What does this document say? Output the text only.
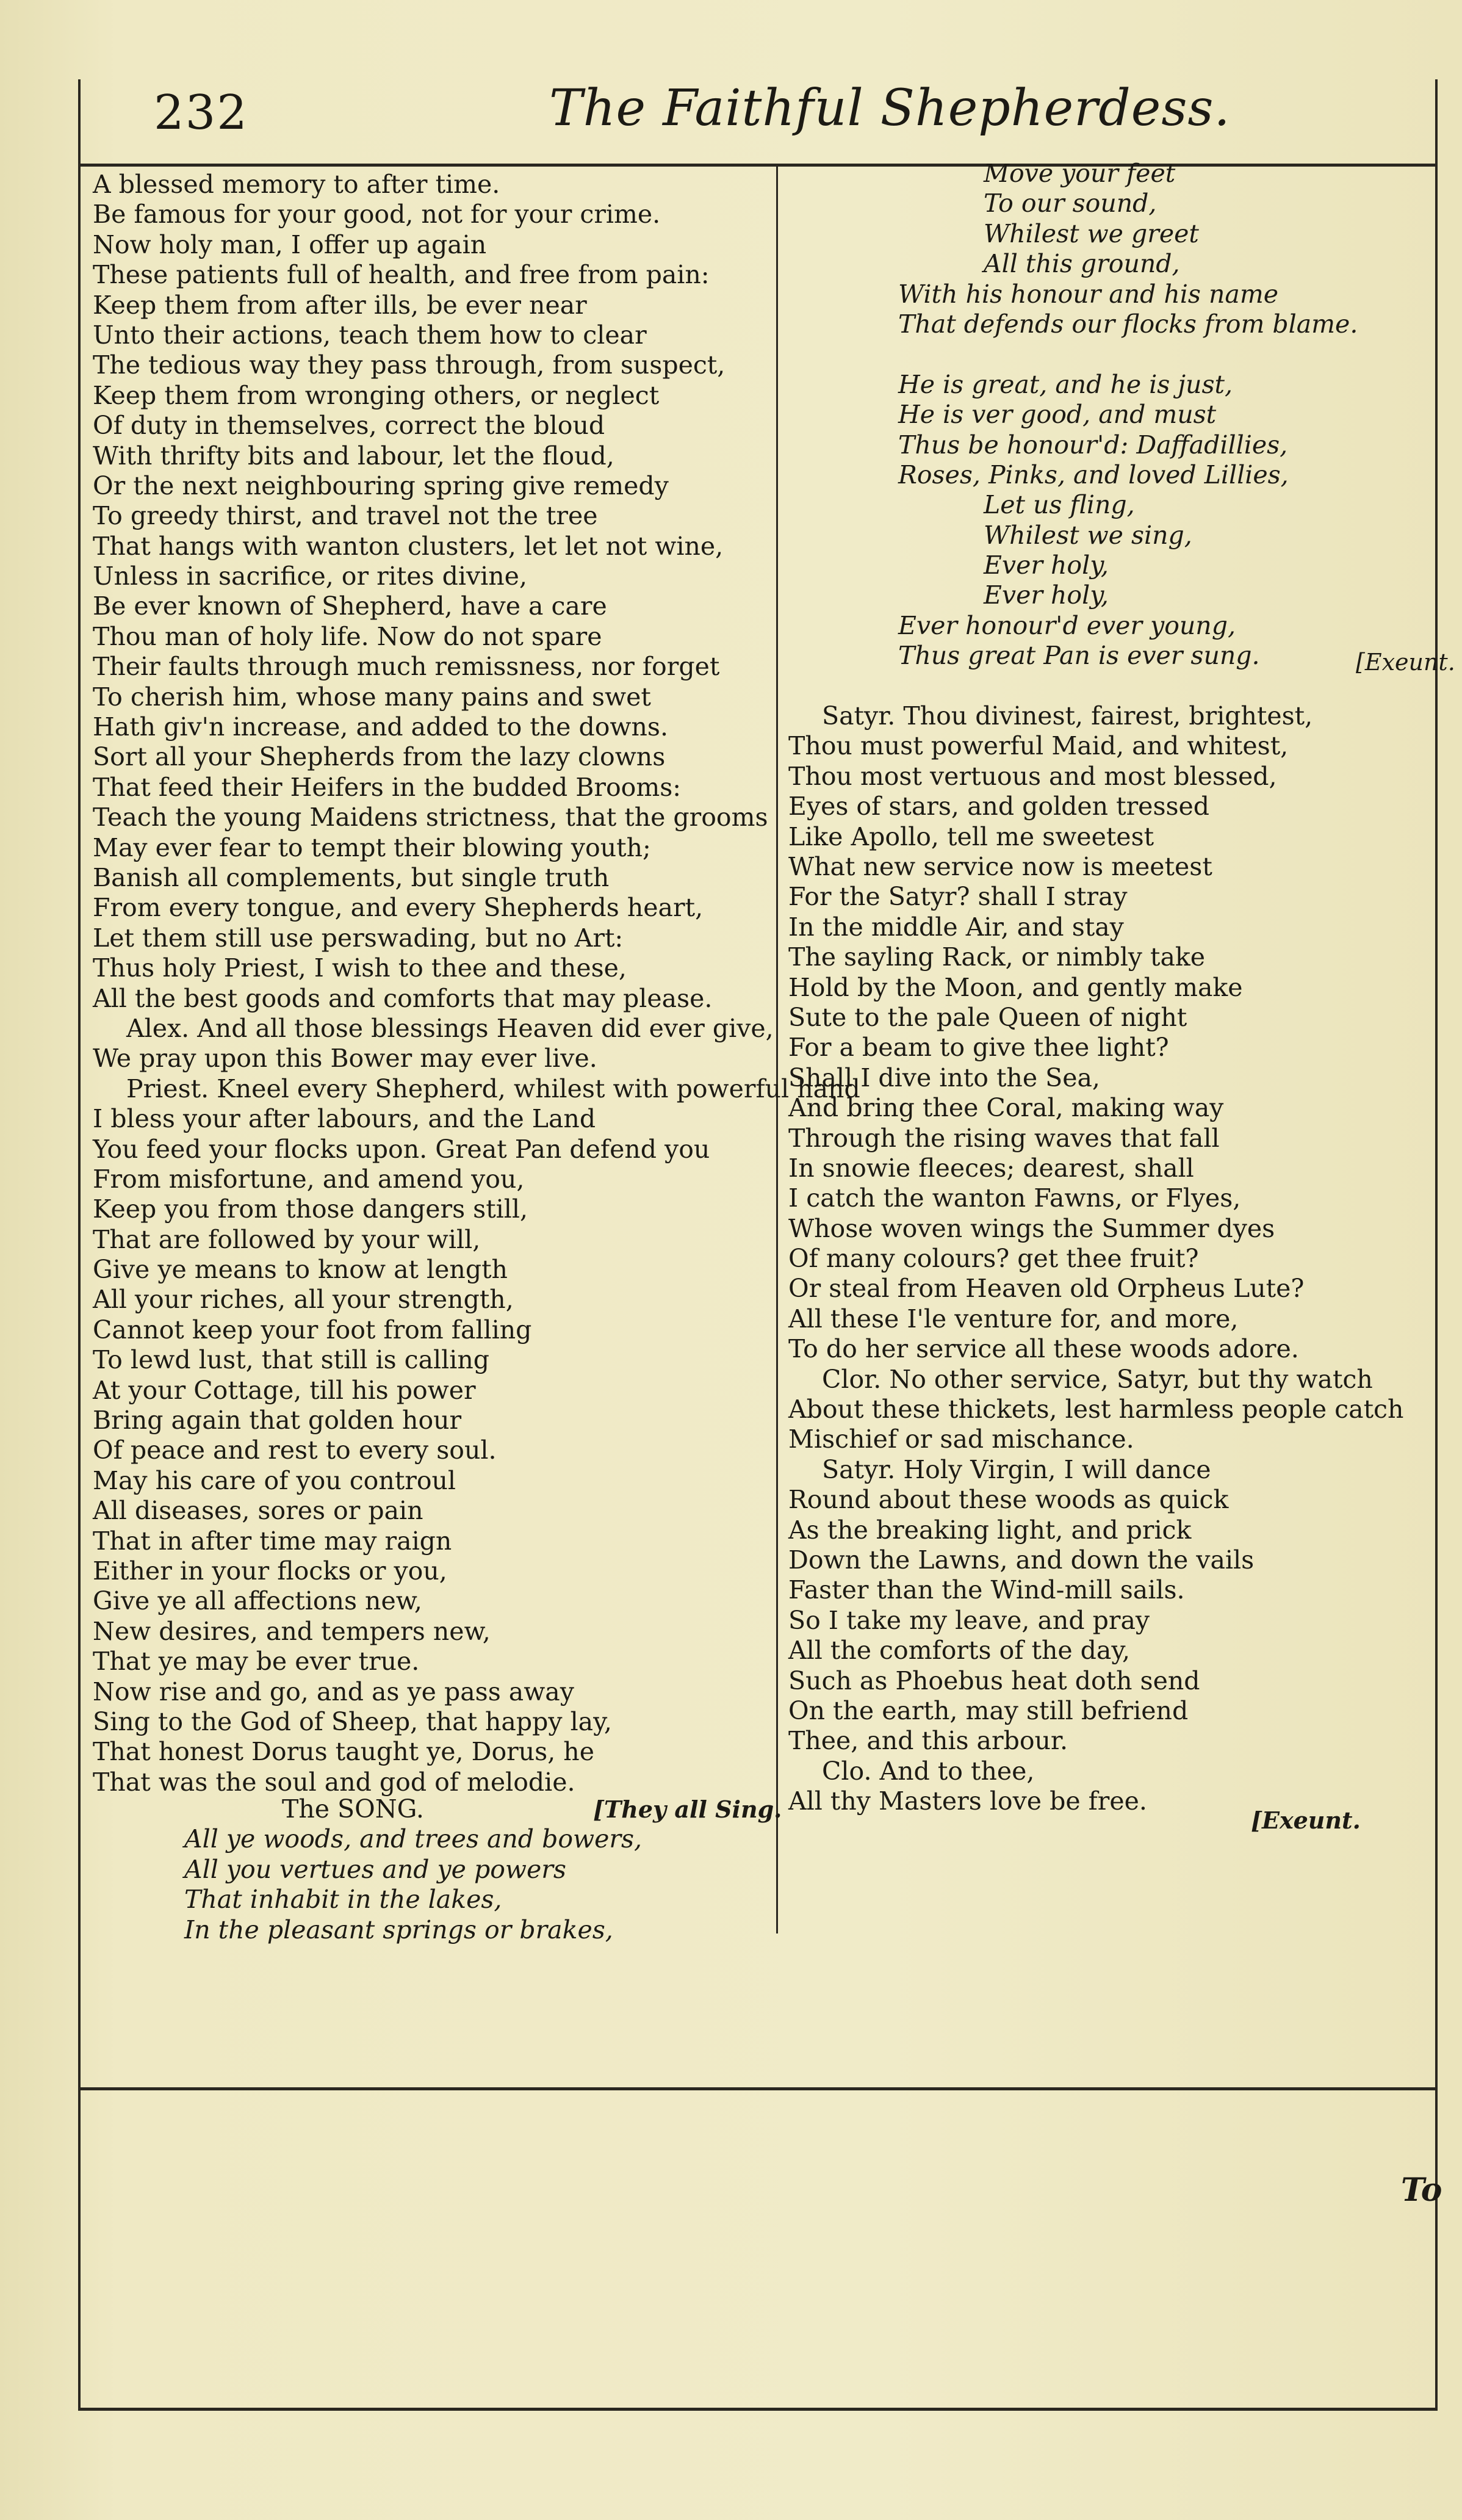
232	The Faithful Shepherdess.
A blessed memory to after time.
Be famous for your good, not for your crime.
Now holy man, I offer up again
These patients full of health, and free from pain:
Keep them from after ills, be ever near
Unto their actions, teach them how to clear
The tedious way they pass through, from suspect,
Keep them from wronging others, or neglect
Of duty in themselves, correct the bloud
With thrifty bits and labour, let the floud,
Or the next neighbouring spring give remedy
To greedy thirst, and travel not the tree
That hangs with wanton clusters, let let not wine,
Unless in sacrifice, or rites divine,
Be ever known of Shepherd, have a care
Thou man of holy life. Now do not spare
Their faults through much remissness, nor forget
To cherish him, whose many pains and swet
Hath giv'n increase, and added to the downs.
Sort all your Shepherds from the lazy clowns
That feed their Heifers in the budded Brooms:
Teach the young Maidens strictness, that the grooms
May ever fear to tempt their blowing youth;
Banish all complements, but single truth
From every tongue, and every Shepherds heart,
Let them still use perswading, but no Art:
Thus holy Priest, I wish to thee and these,
All the best goods and comforts that may please.
Alex. And all those blessings Heaven did ever give,
We pray upon this Bower may ever live.
Priest. Kneel every Shepherd, whilest with powerful hand
I bless your after labours, and the Land
You feed your flocks upon. Great Pan defend you
From misfortune, and amend you,
Keep you from those dangers still,
That are followed by your will,
Give ye means to know at length
All your riches, all your strength,
Cannot keep your foot from falling
To lewd lust, that still is calling
At your Cottage, till his power
Bring again that golden hour
Of peace and rest to every soul.
May his care of you controul
All diseases, sores or pain
That in after time may raign
Either in your flocks or you,
Give ye all affections new,
New desires, and tempers new,
That ye may be ever true.
Now rise and go, and as ye pass away
Sing to the God of Sheep, that happy lay,
That honest Dorus taught ye, Dorus, he
That was the soul and god of melodie.
The SONG.
All ye woods, and trees and bowers,
All you vertues and ye powers
That inhabit in the lakes,
In the pleasant springs or brakes,
[They all Sing.
Move your feet
To our sound,
Whilest we greet
All this ground,
With his honour and his name
That defends our flocks from blame.
He is great, and he is just,
He is ver good, and must
Thus be honour'd: Daffadillies,
Roses, Pinks, and loved Lillies,
Let us fling,
Whilest we sing,
Ever holy,
Ever holy,
Ever honour'd ever young,
Thus great Pan is ever sung.
Satyr. Thou divinest, fairest, brightest,
Thou must powerful Maid, and whitest,
Thou most vertuous and most blessed,
Eyes of stars, and golden tressed
Like Apollo, tell me sweetest
What new service now is meetest
For the Satyr? shall I stray
In the middle Air, and stay
The sayling Rack, or nimbly take
Hold by the Moon, and gently make
Sute to the pale Queen of night
For a beam to give thee light?
Shall I dive into the Sea,
And bring thee Coral, making way
Through the rising waves that fall
In snowie fleeces; dearest, shall
I catch the wanton Fawns, or Flyes,
Whose woven wings the Summer dyes
Of many colours? get thee fruit?
Or steal from Heaven old Orpheus Lute?
All these I'le venture for, and more,
To do her service all these woods adore.
Clor. No other service, Satyr, but thy watch
About these thickets, lest harmless people catch
Mischief or sad mischance.
Satyr. Holy Virgin, I will dance
Round about these woods as quick
As the breaking light, and prick
Down the Lawns, and down the vails
Faster than the Wind-mill sails.
So I take my leave, and pray
All the comforts of the day,
Such as Phoebus heat doth send
On the earth, may still befriend
Thee, and this arbour.
Clo. And to thee,
All thy Masters love be free.
[Exeunt.
[Exeunt.
To
